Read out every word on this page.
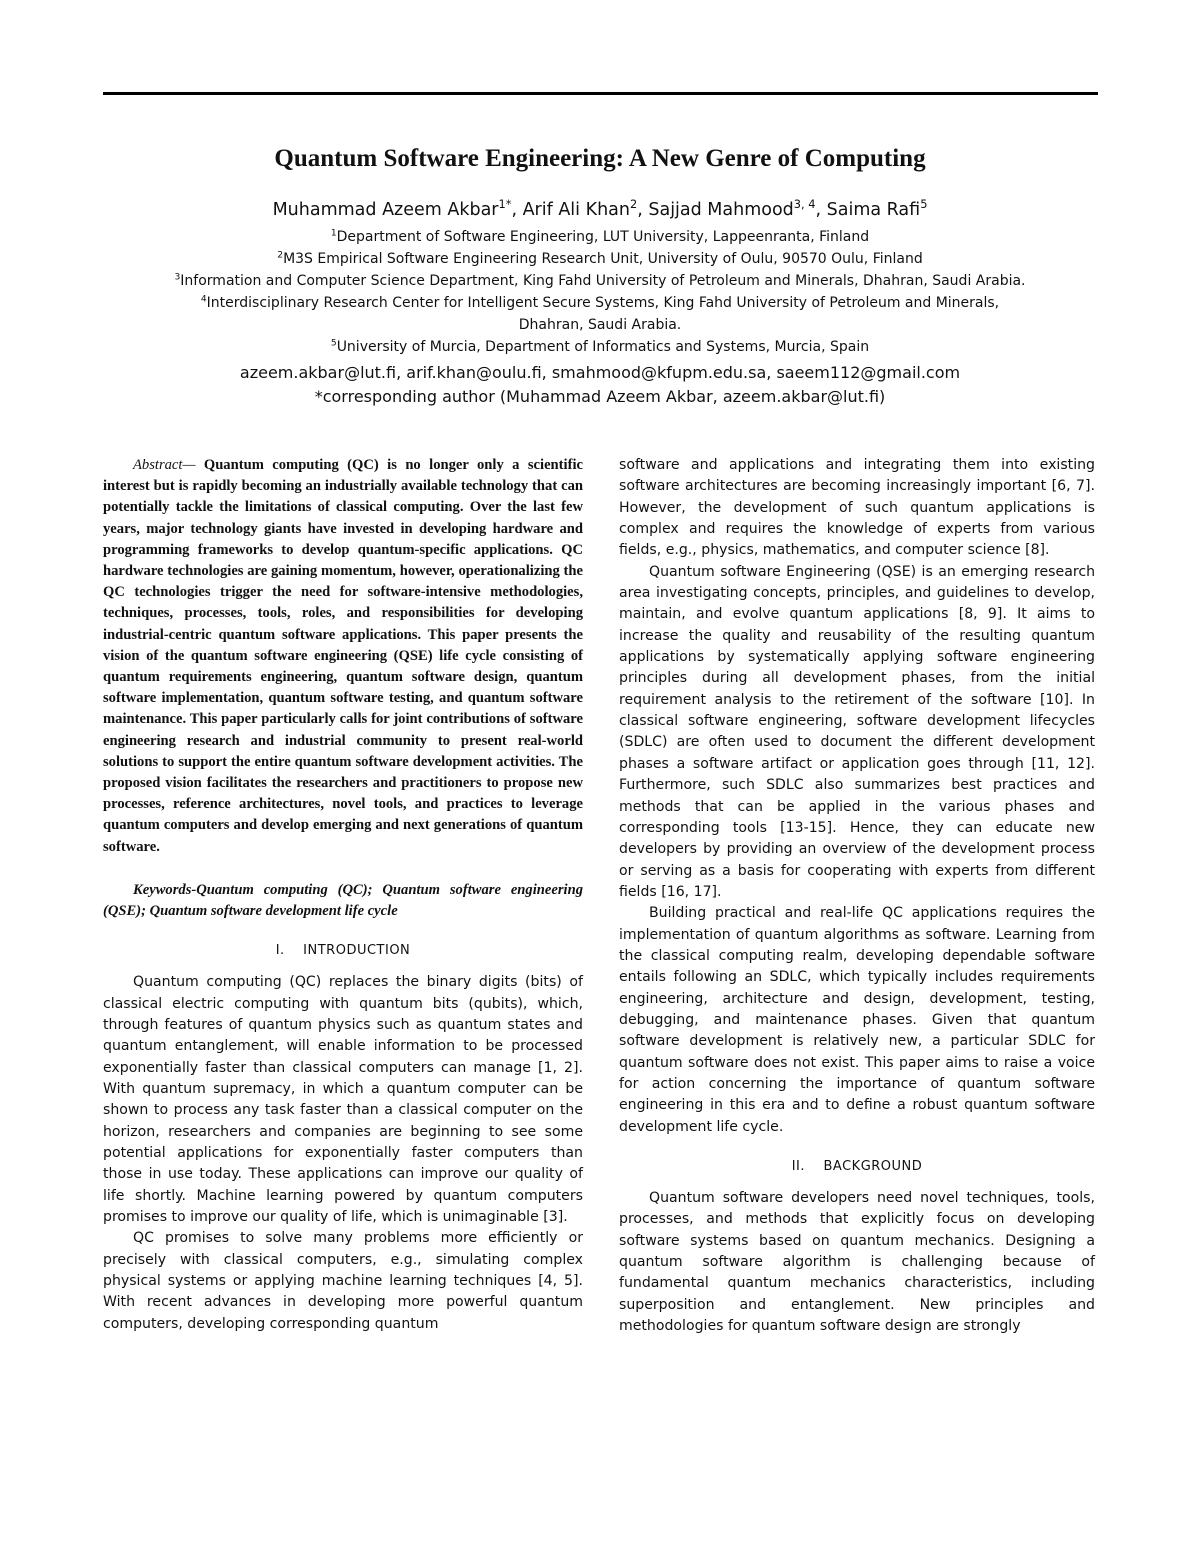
Quantum Software Engineering: A New Genre of Computing
Muhammad Azeem Akbar$^{1*}$, Arif Ali Khan$^2$, Sajjad Mahmood$^{3, 4}$, Saima Rafi$^5$
$^1$Department of Software Engineering, LUT University, Lappeenranta, Finland
$^2$M3S Empirical Software Engineering Research Unit, University of Oulu, 90570 Oulu, Finland
$^3$Information and Computer Science Department, King Fahd University of Petroleum and Minerals, Dhahran, Saudi Arabia.
$^4$Interdisciplinary Research Center for Intelligent Secure Systems, King Fahd University of Petroleum and Minerals,
Dhahran, Saudi Arabia.
$^5$University of Murcia, Department of Informatics and Systems, Murcia, Spain
azeem.akbar@lut.fi, arif.khan@oulu.fi, smahmood@kfupm.edu.sa, saeem112@gmail.com
*corresponding author (Muhammad Azeem Akbar, azeem.akbar@lut.fi)

Abstract— Quantum computing (QC) is no longer only a scientific interest but is rapidly becoming an industrially available technology that can potentially tackle the limitations of classical computing. Over the last few years, major technology giants have invested in developing hardware and programming frameworks to develop quantum-specific applications. QC hardware technologies are gaining momentum, however, operationalizing the QC technologies trigger the need for software-intensive methodologies, techniques, processes, tools, roles, and responsibilities for developing industrial-centric quantum software applications. This paper presents the vision of the quantum software engineering (QSE) life cycle consisting of quantum requirements engineering, quantum software design, quantum software implementation, quantum software testing, and quantum software maintenance. This paper particularly calls for joint contributions of software engineering research and industrial community to present real-world solutions to support the entire quantum software development activities. The proposed vision facilitates the researchers and practitioners to propose new processes, reference architectures, novel tools, and practices to leverage quantum computers and develop emerging and next generations of quantum software.

Keywords-Quantum computing (QC); Quantum software engineering (QSE); Quantum software development life cycle

I.    INTRODUCTION

Quantum computing (QC) replaces the binary digits (bits) of classical electric computing with quantum bits (qubits), which, through features of quantum physics such as quantum states and quantum entanglement, will enable information to be processed exponentially faster than classical computers can manage [1, 2]. With quantum supremacy, in which a quantum computer can be shown to process any task faster than a classical computer on the horizon, researchers and companies are beginning to see some potential applications for exponentially faster computers than those in use today. These applications can improve our quality of life shortly. Machine learning powered by quantum computers promises to improve our quality of life, which is unimaginable [3].

QC promises to solve many problems more efficiently or precisely with classical computers, e.g., simulating complex physical systems or applying machine learning techniques [4, 5]. With recent advances in developing more powerful quantum computers, developing corresponding quantum

software and applications and integrating them into existing software architectures are becoming increasingly important [6, 7]. However, the development of such quantum applications is complex and requires the knowledge of experts from various fields, e.g., physics, mathematics, and computer science [8].

Quantum software Engineering (QSE) is an emerging research area investigating concepts, principles, and guidelines to develop, maintain, and evolve quantum applications [8, 9]. It aims to increase the quality and reusability of the resulting quantum applications by systematically applying software engineering principles during all development phases, from the initial requirement analysis to the retirement of the software [10]. In classical software engineering, software development lifecycles (SDLC) are often used to document the different development phases a software artifact or application goes through [11, 12]. Furthermore, such SDLC also summarizes best practices and methods that can be applied in the various phases and corresponding tools [13-15]. Hence, they can educate new developers by providing an overview of the development process or serving as a basis for cooperating with experts from different fields [16, 17].

Building practical and real-life QC applications requires the implementation of quantum algorithms as software. Learning from the classical computing realm, developing dependable software entails following an SDLC, which typically includes requirements engineering, architecture and design, development, testing, debugging, and maintenance phases. Given that quantum software development is relatively new, a particular SDLC for quantum software does not exist. This paper aims to raise a voice for action concerning the importance of quantum software engineering in this era and to define a robust quantum software development life cycle.

II.    BACKGROUND

Quantum software developers need novel techniques, tools, processes, and methods that explicitly focus on developing software systems based on quantum mechanics. Designing a quantum software algorithm is challenging because of fundamental quantum mechanics characteristics, including superposition and entanglement. New principles and methodologies for quantum software design are strongly
